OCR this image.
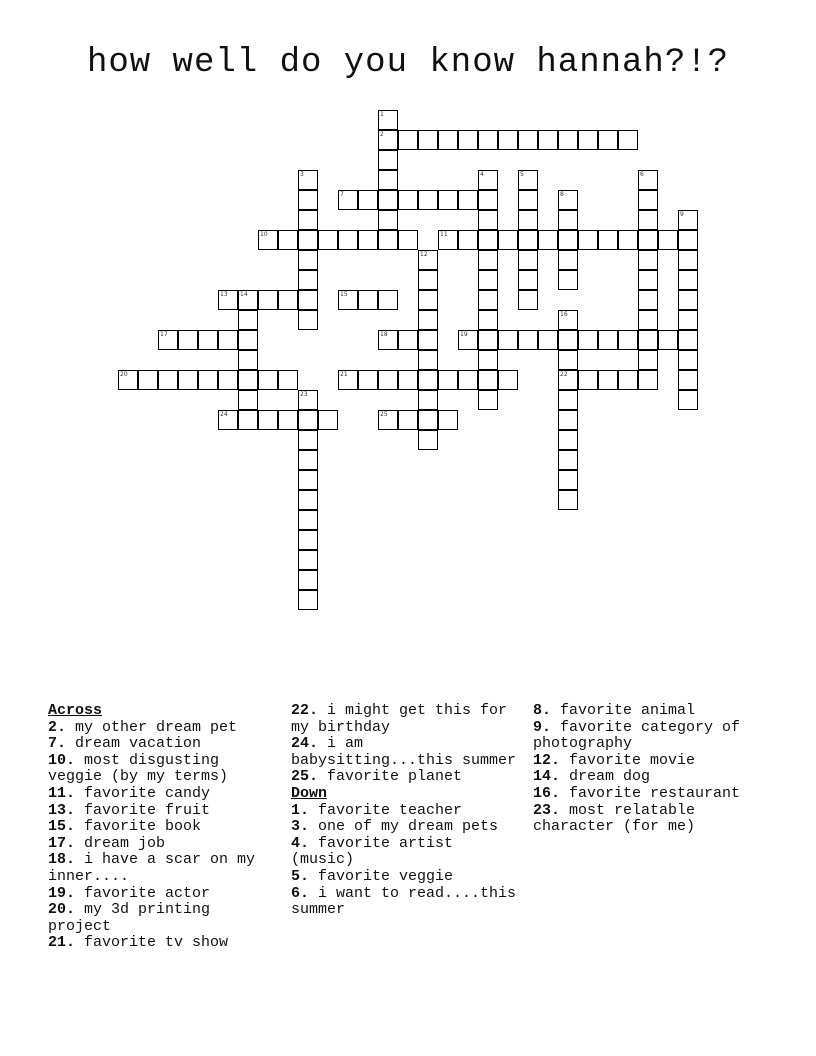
how well do you know hannah?!?
1
2
3	4	5	6
7	8
9
10	11
12
13 14	15
16
22
17	18	19
20	21
23
24	25
Across
2. my other dream pet
7. dream vacation
10. most disgusting veggie (by my terms)
11. favorite candy
13. favorite fruit
15. favorite book
17. dream job
18. i have a scar on my inner....
19. favorite actor
20. my 3d printing project
21. favorite tv show
22. i might get this for my birthday
24. i am babysitting...this summer
25. favorite planet
Down
1. favorite teacher
3. one of my dream pets
4. favorite artist (music)
5. favorite veggie
6. i want to read....this summer
8. favorite animal
9. favorite category of photography
12. favorite movie
14. dream dog
16. favorite restaurant
23. most relatable character (for me)
